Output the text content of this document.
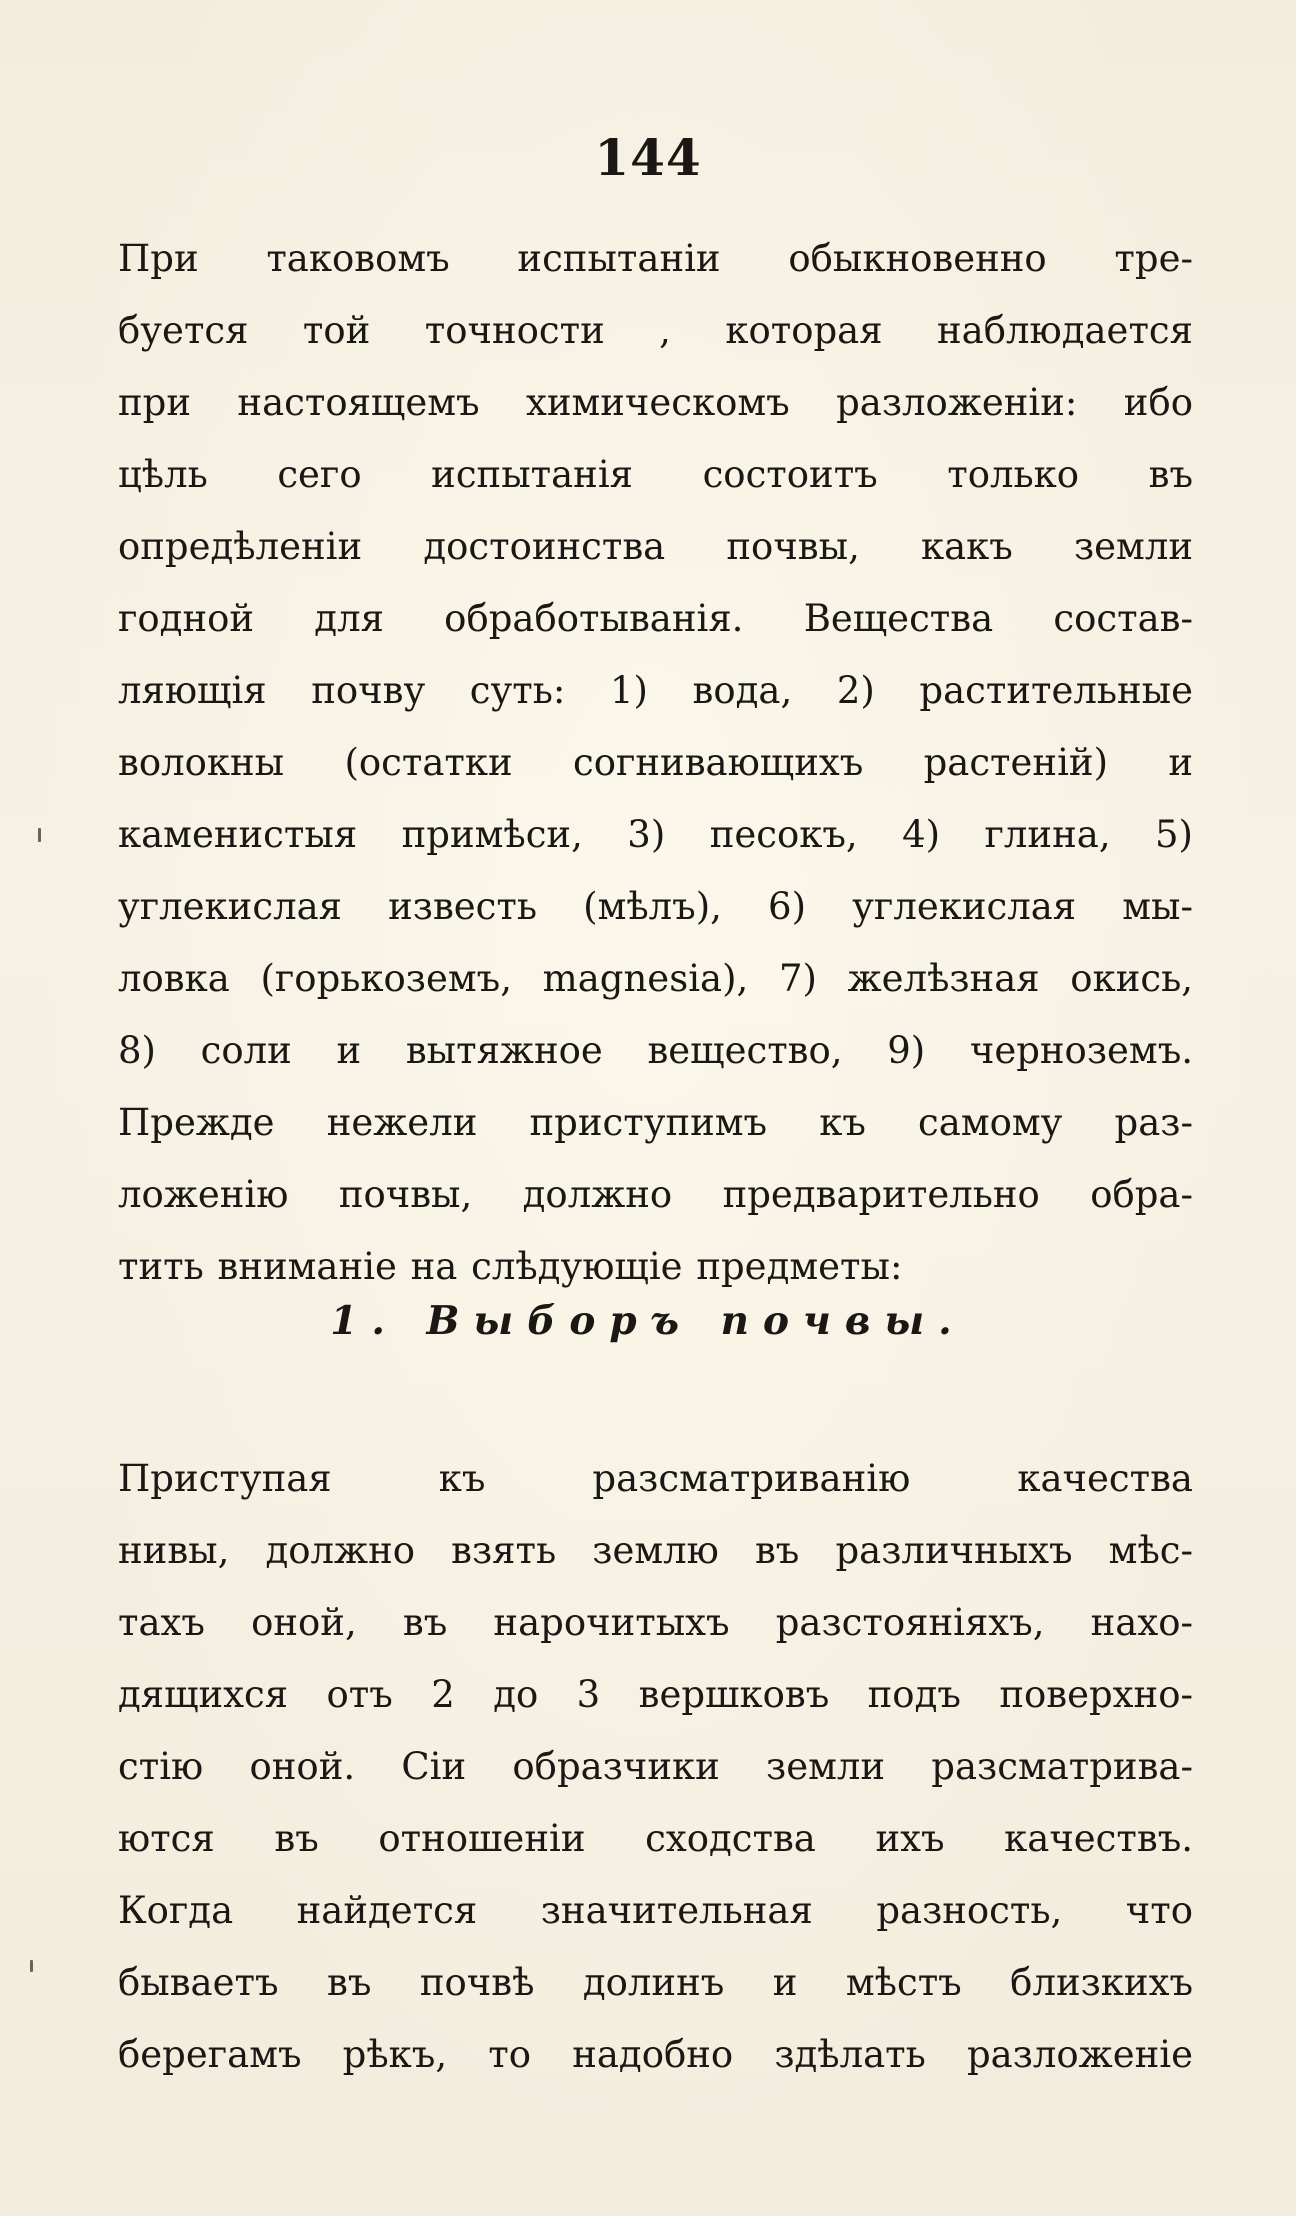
144
При таковомъ испытаніи обыкновенно тре-
буется той точности , которая наблюдается
при настоящемъ химическомъ разложеніи: ибо
цѣль сего испытанія состоитъ только въ
опредѣленіи достоинства почвы, какъ земли
годной для обработыванія. Вещества состав-
ляющія почву суть: 1) вода, 2) растительные
волокны (остатки согнивающихъ растеній) и
каменистыя примѣси, 3) песокъ, 4) глина, 5)
углекислая известь (мѣлъ), 6) углекислая мы-
ловка (горькоземъ, magnesia), 7) желѣзная окись,
8) соли и вытяжное вещество, 9) черноземъ.
Прежде нежели приступимъ къ самому раз-
ложенію почвы, должно предварительно обра-
тить вниманіе на слѣдующіе предметы:
1. Выборъ почвы.
Приступая къ разсматриванію качества
нивы, должно взять землю въ различныхъ мѣс-
тахъ оной, въ нарочитыхъ разстояніяхъ, нахо-
дящихся отъ 2 до 3 вершковъ подъ поверхно-
стію оной. Сіи образчики земли разсматрива-
ются въ отношеніи сходства ихъ качествъ.
Когда найдется значительная разность, что
бываетъ въ почвѣ долинъ и мѣстъ близкихъ
берегамъ рѣкъ, то надобно здѣлать разложеніе
